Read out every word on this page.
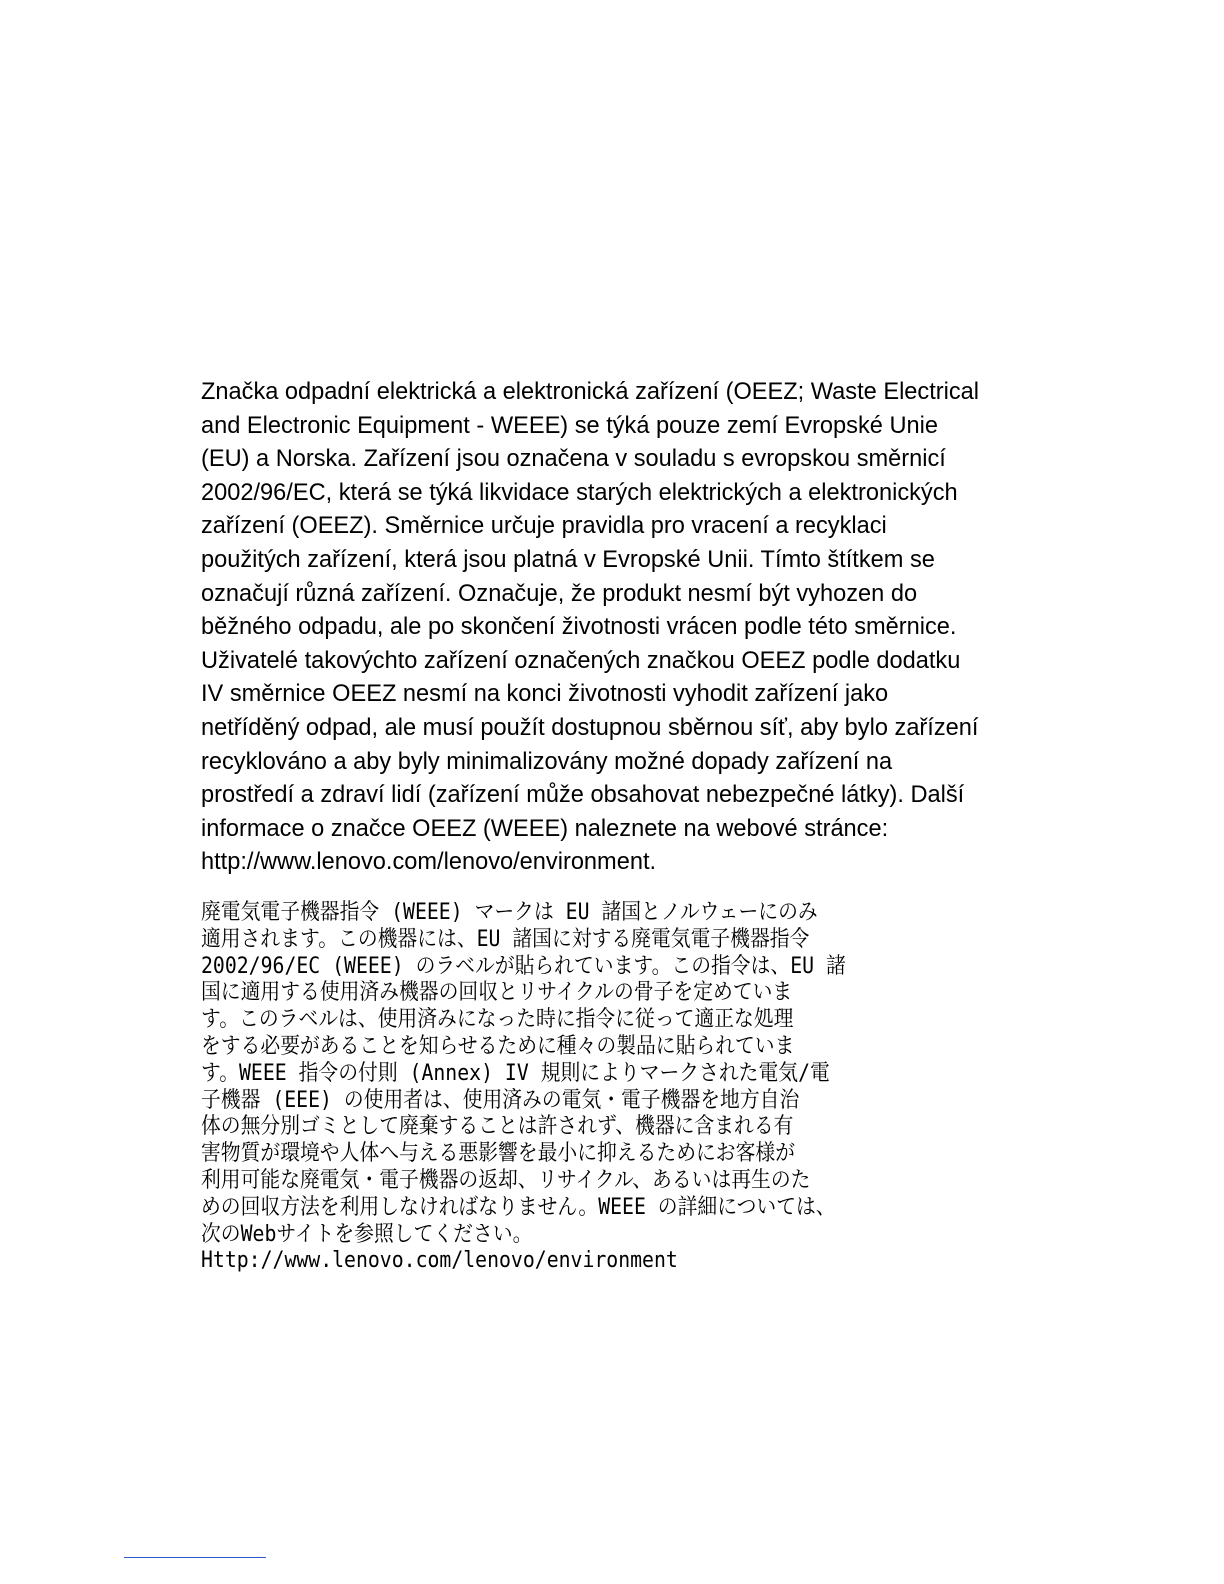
Značka odpadní elektrická a elektronická zařízení (OEEZ; Waste Electrical
and Electronic Equipment - WEEE) se týká pouze zemí Evropské Unie
(EU) a Norska. Zařízení jsou označena v souladu s evropskou směrnicí
2002/96/EC, která se týká likvidace starých elektrických a elektronických
zařízení (OEEZ). Směrnice určuje pravidla pro vracení a recyklaci
použitých zařízení, která jsou platná v Evropské Unii. Tímto štítkem se
označují různá zařízení. Označuje, že produkt nesmí být vyhozen do
běžného odpadu, ale po skončení životnosti vrácen podle této směrnice.
Uživatelé takovýchto zařízení označených značkou OEEZ podle dodatku
IV směrnice OEEZ nesmí na konci životnosti vyhodit zařízení jako
netříděný odpad, ale musí použít dostupnou sběrnou síť, aby bylo zařízení
recyklováno a aby byly minimalizovány možné dopady zařízení na
prostředí a zdraví lidí (zařízení může obsahovat nebezpečné látky). Další
informace o značce OEEZ (WEEE) naleznete na webové stránce:
http://www.lenovo.com/lenovo/environment.
廃電気電子機器指令 (WEEE) マークは EU 諸国とノルウェーにのみ
適用されます。この機器には、EU 諸国に対する廃電気電子機器指令
2002/96/EC (WEEE) のラベルが貼られています。この指令は、EU 諸
国に適用する使用済み機器の回収とリサイクルの骨子を定めていま
す。このラベルは、使用済みになった時に指令に従って適正な処理
をする必要があることを知らせるために種々の製品に貼られていま
す。WEEE 指令の付則 (Annex) IV 規則によりマークされた電気/電
子機器 (EEE) の使用者は、使用済みの電気・電子機器を地方自治
体の無分別ゴミとして廃棄することは許されず、機器に含まれる有
害物質が環境や人体へ与える悪影響を最小に抑えるためにお客様が
利用可能な廃電気・電子機器の返却、リサイクル、あるいは再生のた
めの回収方法を利用しなければなりません。WEEE の詳細については、
次のWebサイトを参照してください。
Http://www.lenovo.com/lenovo/environment
